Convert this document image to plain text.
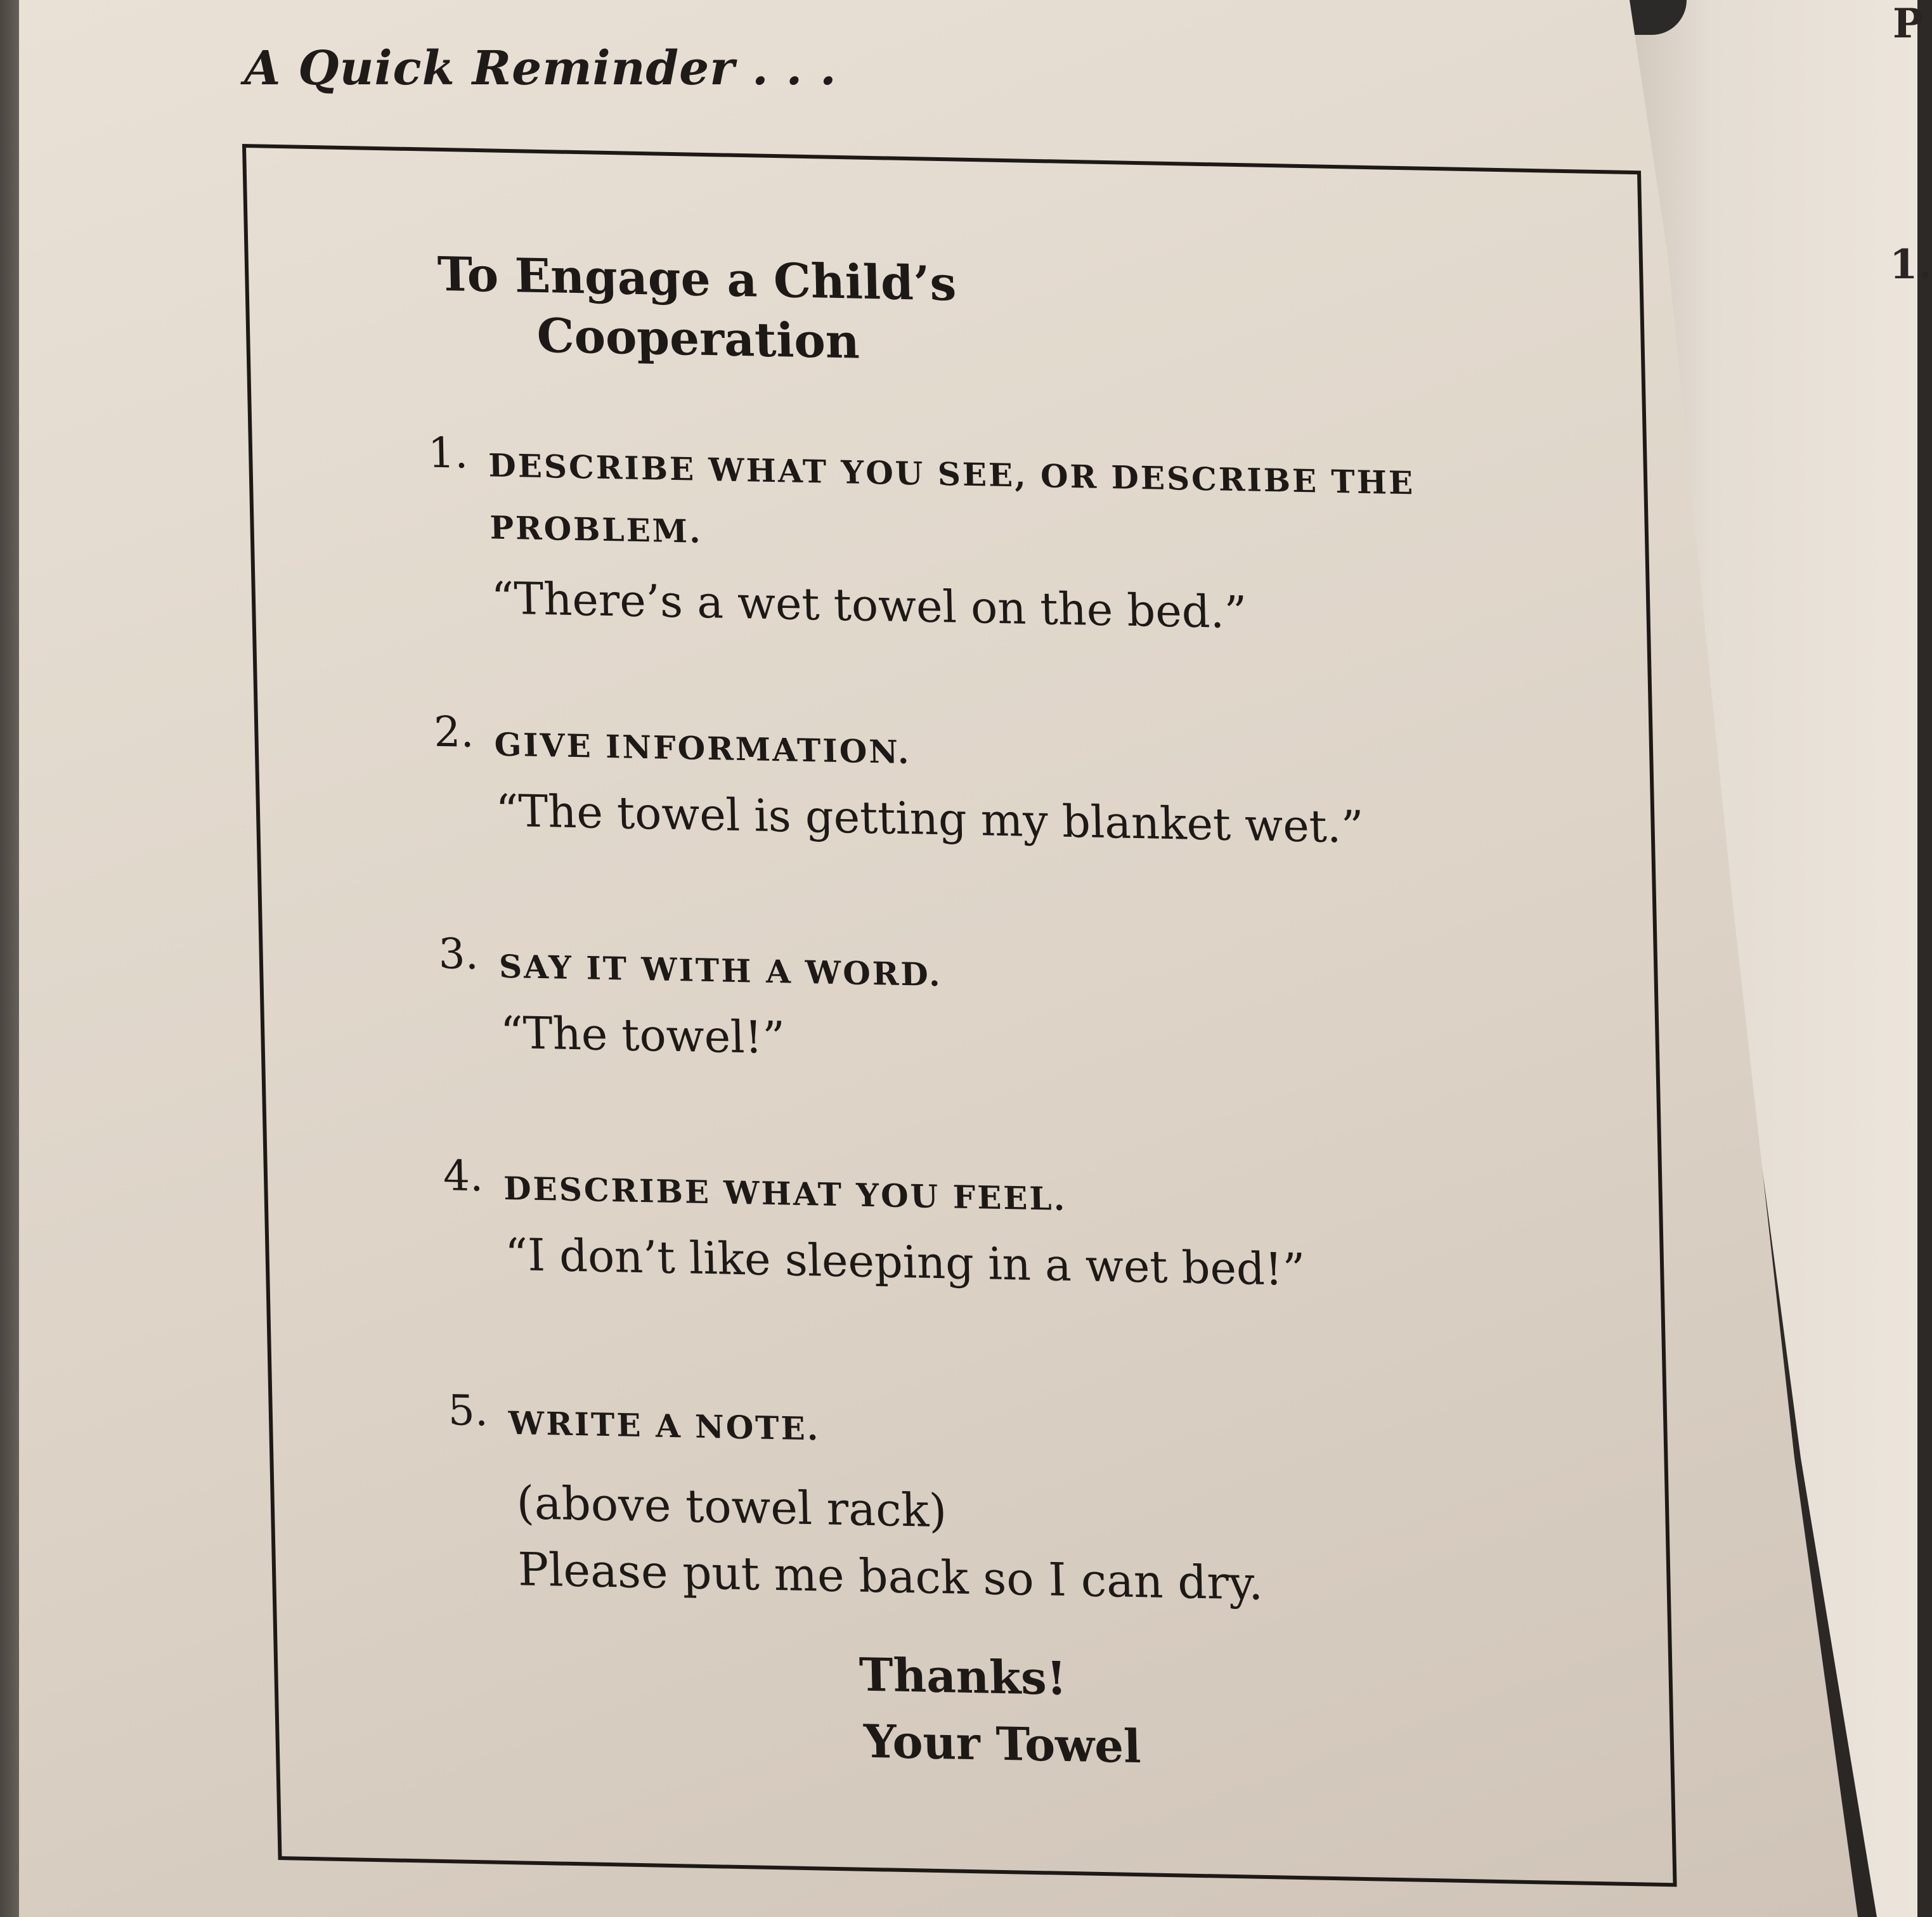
P
1.
A Quick Reminder . . .
To Engage a Child’s
Cooperation
1. DESCRIBE WHAT YOU SEE, OR DESCRIBE THE PROBLEM.
“There’s a wet towel on the bed.”
2. GIVE INFORMATION.
“The towel is getting my blanket wet.”
3. SAY IT WITH A WORD.
“The towel!”
4. DESCRIBE WHAT YOU FEEL.
“I don’t like sleeping in a wet bed!”
5. WRITE A NOTE.
(above towel rack)
Please put me back so I can dry.
Thanks!
Your Towel
